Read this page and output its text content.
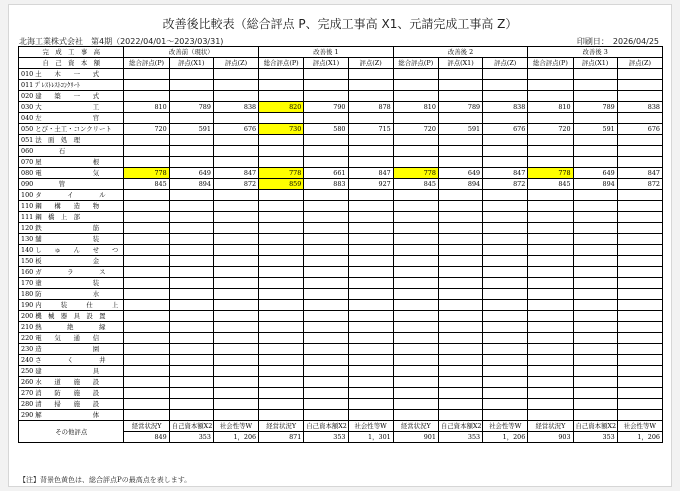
改善後比較表（総合評点 P、完成工事高 X1、元請完成工事高 Z）
北海工業株式会社　第4期（2022/04/01～2023/03/31)	印刷日：　2026/04/25
完　成　工　事　高	改善前（現状）			改善後 1			改善後 2			改善後 3		
自　己　資　本　額	総合評点(P)	評点(X1)	評点(Z)	総合評点(P)	評点(X1)	評点(Z)	総合評点(P)	評点(X1)	評点(Z)	総合評点(P)	評点(X1)	評点(Z)
010 土　　木　　一　　式												
011 ﾌﾟﾚｽﾄﾚｽﾄｺﾝｸﾘｰﾄ												
020 建　　築　　一　　式												
030 大　　　　　　　　工	810	789	838	820	790	878	810	789	838	810	789	838
040 左　　　　　　　　官												
050 とび・土工・コンクリート	720	591	676	730	580	715	720	591	676	720	591	676
051 法　面　処　理												
060　　　　石												
070 屋　　　　　　　　根												
080 電　　　　　　　　気	778	649	847	778	661	847	778	649	847	778	649	847
090　　　　管	845	894	872	859	883	927	845	894	872	845	894	872
100 タ　　　　イ　　　　ル												
110 鋼　　構　　造　　物												
111 鋼　橋　上　部												
120 鉄　　　　　　　　筋												
130 舗　　　　　　　　装												
140 し　　ゅ　　ん　　せ　　つ												
150 板　　　　　　　　金												
160 ガ　　　　ラ　　　　ス												
170 塗　　　　　　　　装												
180 防　　　　　　　　水												
190 内　　　装　　　仕　　　上												
200 機　械　器　具　設　置												
210 熱　　　　絶　　　　縁												
220 電　　気　　通　　信												
230 造　　　　　　　　園												
240 さ　　　　く　　　　井												
250 建　　　　　　　　具												
260 水　　道　　施　　設												
270 消　　防　　施　　設												
280 清　　掃　　施　　設												
290 解　　　　　　　　体												
その他評点	経営状況Y	自己資本額X2	社会性等W	経営状況Y	自己資本額X2	社会性等W	経営状況Y	自己資本額X2	社会性等W	経営状況Y	自己資本額X2	社会性等W
	849	353	1，206	871	353	1，301	901	353	1，206	903	353	1，206
【注】背景色黄色は、総合評点Pの最高点を表します。
